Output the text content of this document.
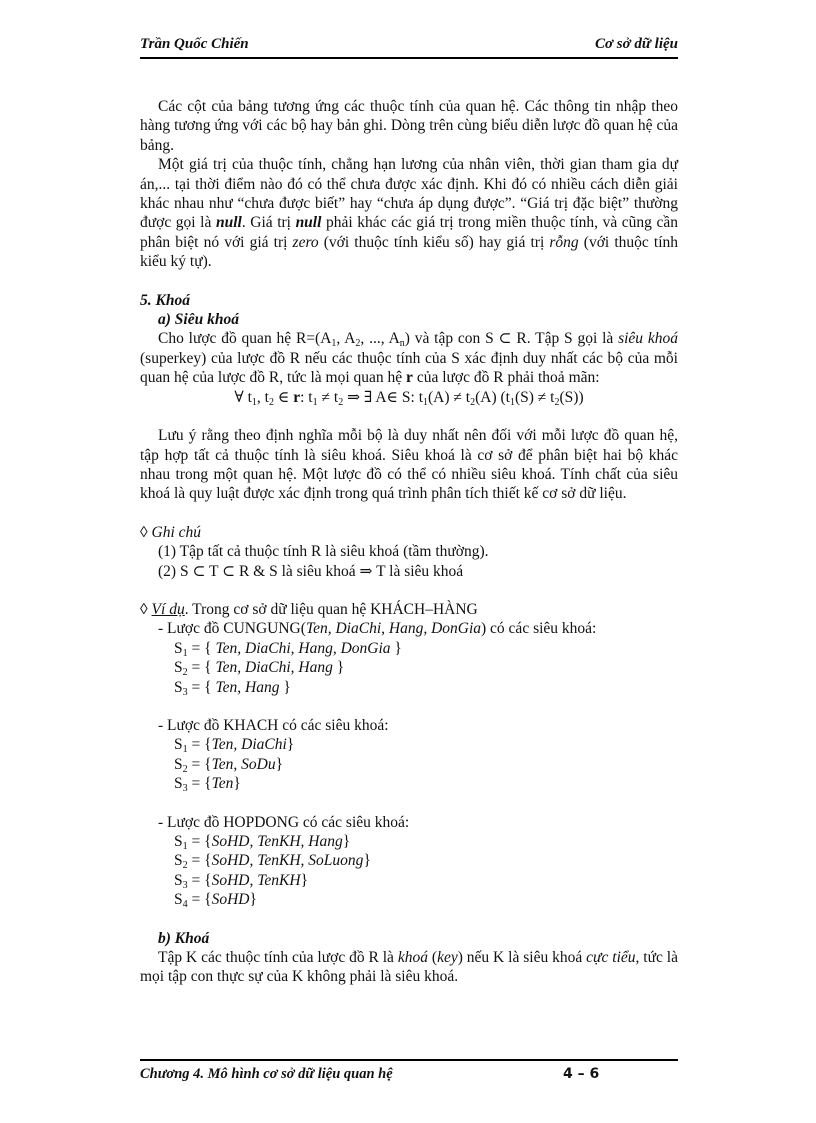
Trần Quốc Chiến	Cơ sở dữ liệu

Các cột của bảng tương ứng các thuộc tính của quan hệ. Các thông tin nhập theo hàng tương ứng với các bộ hay bản ghi. Dòng trên cùng biểu diễn lược đồ quan hệ của bảng.

Một giá trị của thuộc tính, chẳng hạn lương của nhân viên, thời gian tham gia dự án,... tại thời điểm nào đó có thể chưa được xác định. Khi đó có nhiều cách diễn giải khác nhau như “chưa được biết” hay “chưa áp dụng được”. “Giá trị đặc biệt” thường được gọi là null. Giá trị null phải khác các giá trị trong miền thuộc tính, và cũng cần phân biệt nó với giá trị zero (với thuộc tính kiểu số) hay giá trị rỗng (với thuộc tính kiểu ký tự).

5. Khoá

a) Siêu khoá

Cho lược đồ quan hệ $R=(A_1$, $A_2$, ..., $A_n$) và tập con S ⊂ R. Tập S gọi là siêu khoá (superkey) của lược đồ R nếu các thuộc tính của S xác định duy nhất các bộ của mỗi quan hệ của lược đồ R, tức là mọi quan hệ r của lược đồ R phải thoả mãn:

∀ $t_1$, $t_2$ ∈ r: $t_1 \ne t_2$ ⇒ ∃ A∈ S: $t_1(A) \ne t_2(A) (t_1(S) \ne t_2(S))$

Lưu ý rằng theo định nghĩa mỗi bộ là duy nhất nên đối với mỗi lược đồ quan hệ, tập hợp tất cả thuộc tính là siêu khoá. Siêu khoá là cơ sở để phân biệt hai bộ khác nhau trong một quan hệ. Một lược đồ có thể có nhiều siêu khoá. Tính chất của siêu khoá là quy luật được xác định trong quá trình phân tích thiết kế cơ sở dữ liệu.

◊ Ghi chú

(1) Tập tất cả thuộc tính R là siêu khoá (tầm thường).

(2) S ⊂ T ⊂ R & S là siêu khoá ⇒ T là siêu khoá

◊ Ví dụ. Trong cơ sở dữ liệu quan hệ KHÁCH–HÀNG

- Lược đồ CUNGUNG(Ten, DiaChi, Hang, DonGia) có các siêu khoá:

$S_1$ = { Ten, DiaChi, Hang, DonGia }

$S_2$ = { Ten, DiaChi, Hang }

$S_3$ = { Ten, Hang }

- Lược đồ KHACH có các siêu khoá:

$S_1 = \{Ten$, DiaChi}

$S_2 = \{Ten$, SoDu}

$S_3 = \{Ten\}$

- Lược đồ HOPDONG có các siêu khoá:

$S_1$ = {SoHD, TenKH, Hang}

$S_2$ = {SoHD, TenKH, SoLuong}

$S_3$ = {SoHD, TenKH}

$S_4$ = {SoHD}

b) Khoá

Tập K các thuộc tính của lược đồ R là khoá (key) nếu K là siêu khoá cực tiểu, tức là mọi tập con thực sự của K không phải là siêu khoá.

Chương 4. Mô hình cơ sở dữ liệu quan hệ	4 – 6
